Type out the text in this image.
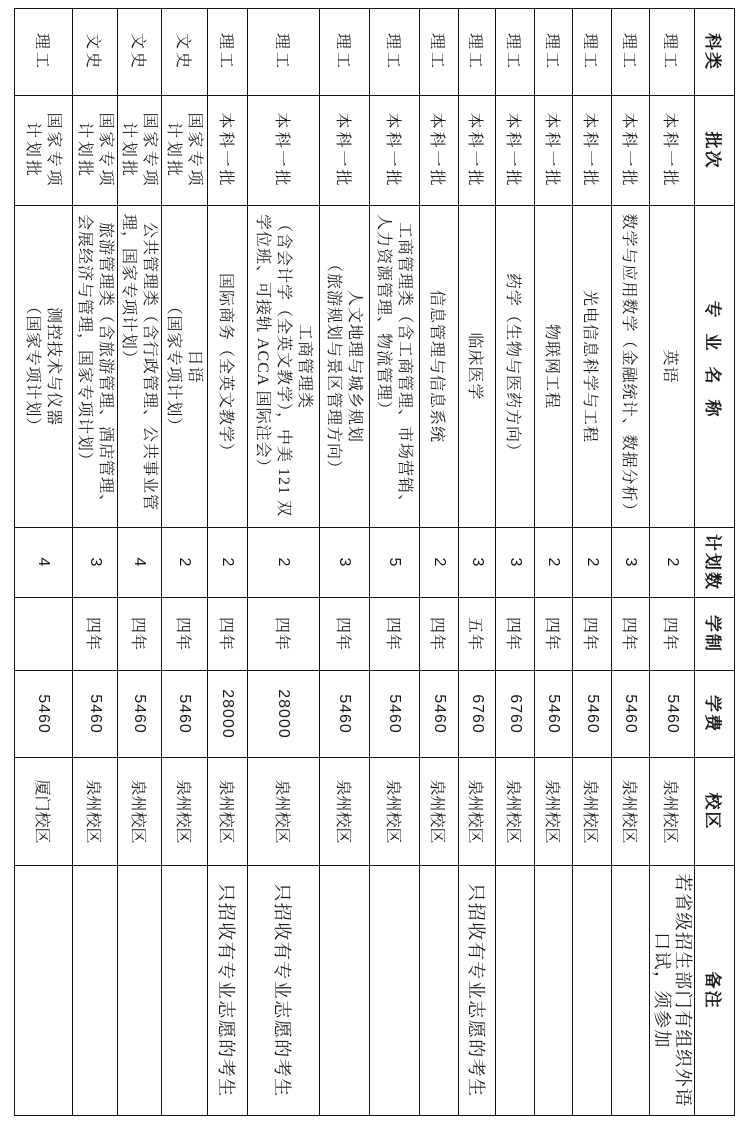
科类	批次	专业名称	计划数	学制	学费	校区	备注
理工	本科一批	英语	2	四年	5460	泉州校区	若省级招生部门有组织外语
口试，须参加

理工	本科一批	数学与应用数学（金融统计、数据分析）	3	四年	5460	泉州校区	
理工	本科一批	光电信息科学与工程	2	四年	5460	泉州校区	
理工	本科一批	物联网工程	2	四年	5460	泉州校区	
理工	本科一批	药学（生物与医药方向）	3	四年	6760	泉州校区	
理工	本科一批	临床医学	3	五年	6760	泉州校区	只招收有专业志愿的考生
理工	本科一批	信息管理与信息系统	2	四年	5460	泉州校区	
理工	本科一批	工商管理类（含工商管理、市场营销、
人力资源管理、物流管理）	5	四年	5460	泉州校区	
理工	本科一批	人文地理与城乡规划
（旅游规划与景区管理方向）	3	四年	5460	泉州校区	
理工	本科一批	工商管理类
（含会计学（全英文教学），中美 121 双
学位班、可接轨 ACCA 国际注会）	2	四年	28000	泉州校区	只招收有专业志愿的考生
理工	本科一批	国际商务（全英文教学）	2	四年	28000	泉州校区	只招收有专业志愿的考生
文史	国家专项
计划批	日语
（国家专项计划）	2	四年	5460	泉州校区	
文史	国家专项
计划批	公共管理类（含行政管理、公共事业管
理，国家专项计划）	4	四年	5460	泉州校区	
文史	国家专项
计划批	旅游管理类（含旅游管理、酒店管理、
会展经济与管理，国家专项计划）	3	四年	5460	泉州校区	
理工	国家专项
计划批	测控技术与仪器
（国家专项计划）	4		5460	厦门校区	
